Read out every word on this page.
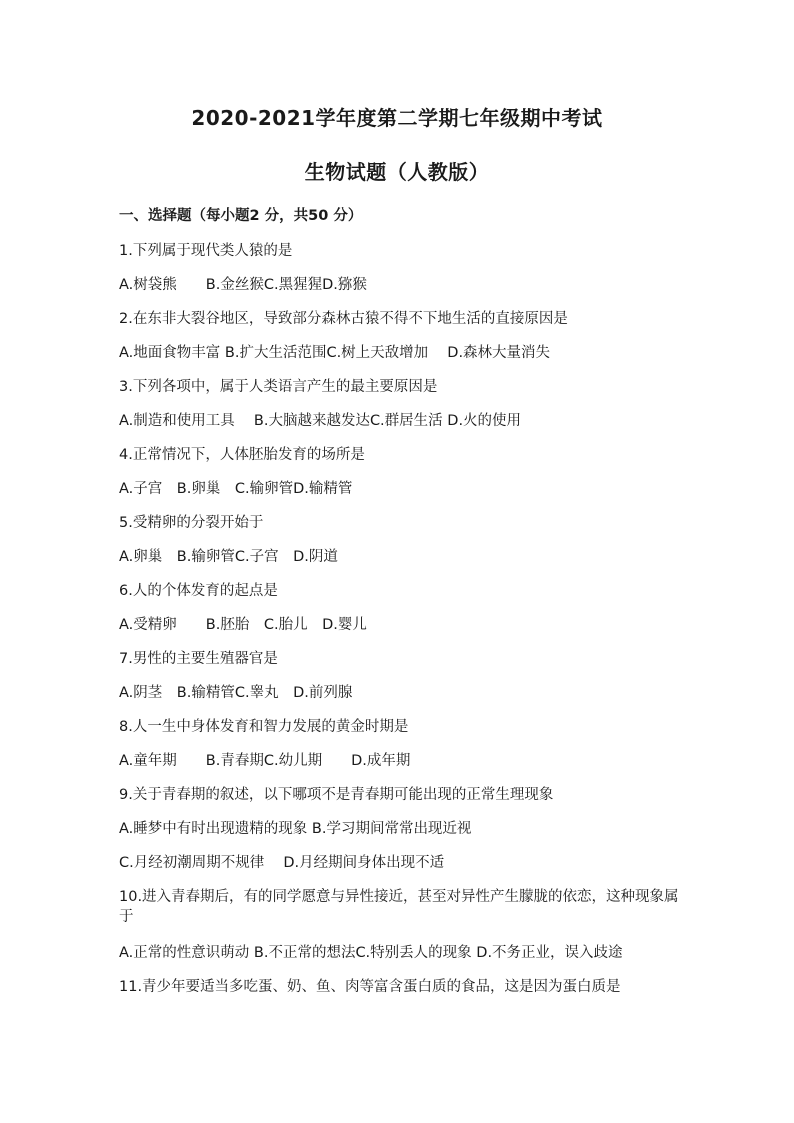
2020-2021学年度第二学期七年级期中考试
生物试题（人教版）
一、选择题（每小题2 分，共50 分）
1.下列属于现代类人猿的是
A.树袋熊　　B.金丝猴C.黑猩猩D.猕猴
2.在东非大裂谷地区，导致部分森林古猿不得不下地生活的直接原因是
A.地面食物丰富 B.扩大生活范围C.树上天敌增加　 D.森林大量消失
3.下列各项中，属于人类语言产生的最主要原因是
A.制造和使用工具　 B.大脑越来越发达C.群居生活 D.火的使用
4.正常情况下，人体胚胎发育的场所是
A.子宫　B.卵巢　C.输卵管D.输精管
5.受精卵的分裂开始于
A.卵巢　B.输卵管C.子宫　D.阴道
6.人的个体发育的起点是
A.受精卵　　B.胚胎　C.胎儿　D.婴儿
7.男性的主要生殖器官是
A.阴茎　B.输精管C.睾丸　D.前列腺
8.人一生中身体发育和智力发展的黄金时期是
A.童年期　　B.青春期C.幼儿期　　D.成年期
9.关于青春期的叙述，以下哪项不是青春期可能出现的正常生理现象
A.睡梦中有时出现遗精的现象 B.学习期间常常出现近视
C.月经初潮周期不规律　 D.月经期间身体出现不适
10.进入青春期后，有的同学愿意与异性接近，甚至对异性产生朦胧的依恋，这种现象属于
A.正常的性意识萌动 B.不正常的想法C.特别丢人的现象 D.不务正业，误入歧途
11.青少年要适当多吃蛋、奶、鱼、肉等富含蛋白质的食品，这是因为蛋白质是
